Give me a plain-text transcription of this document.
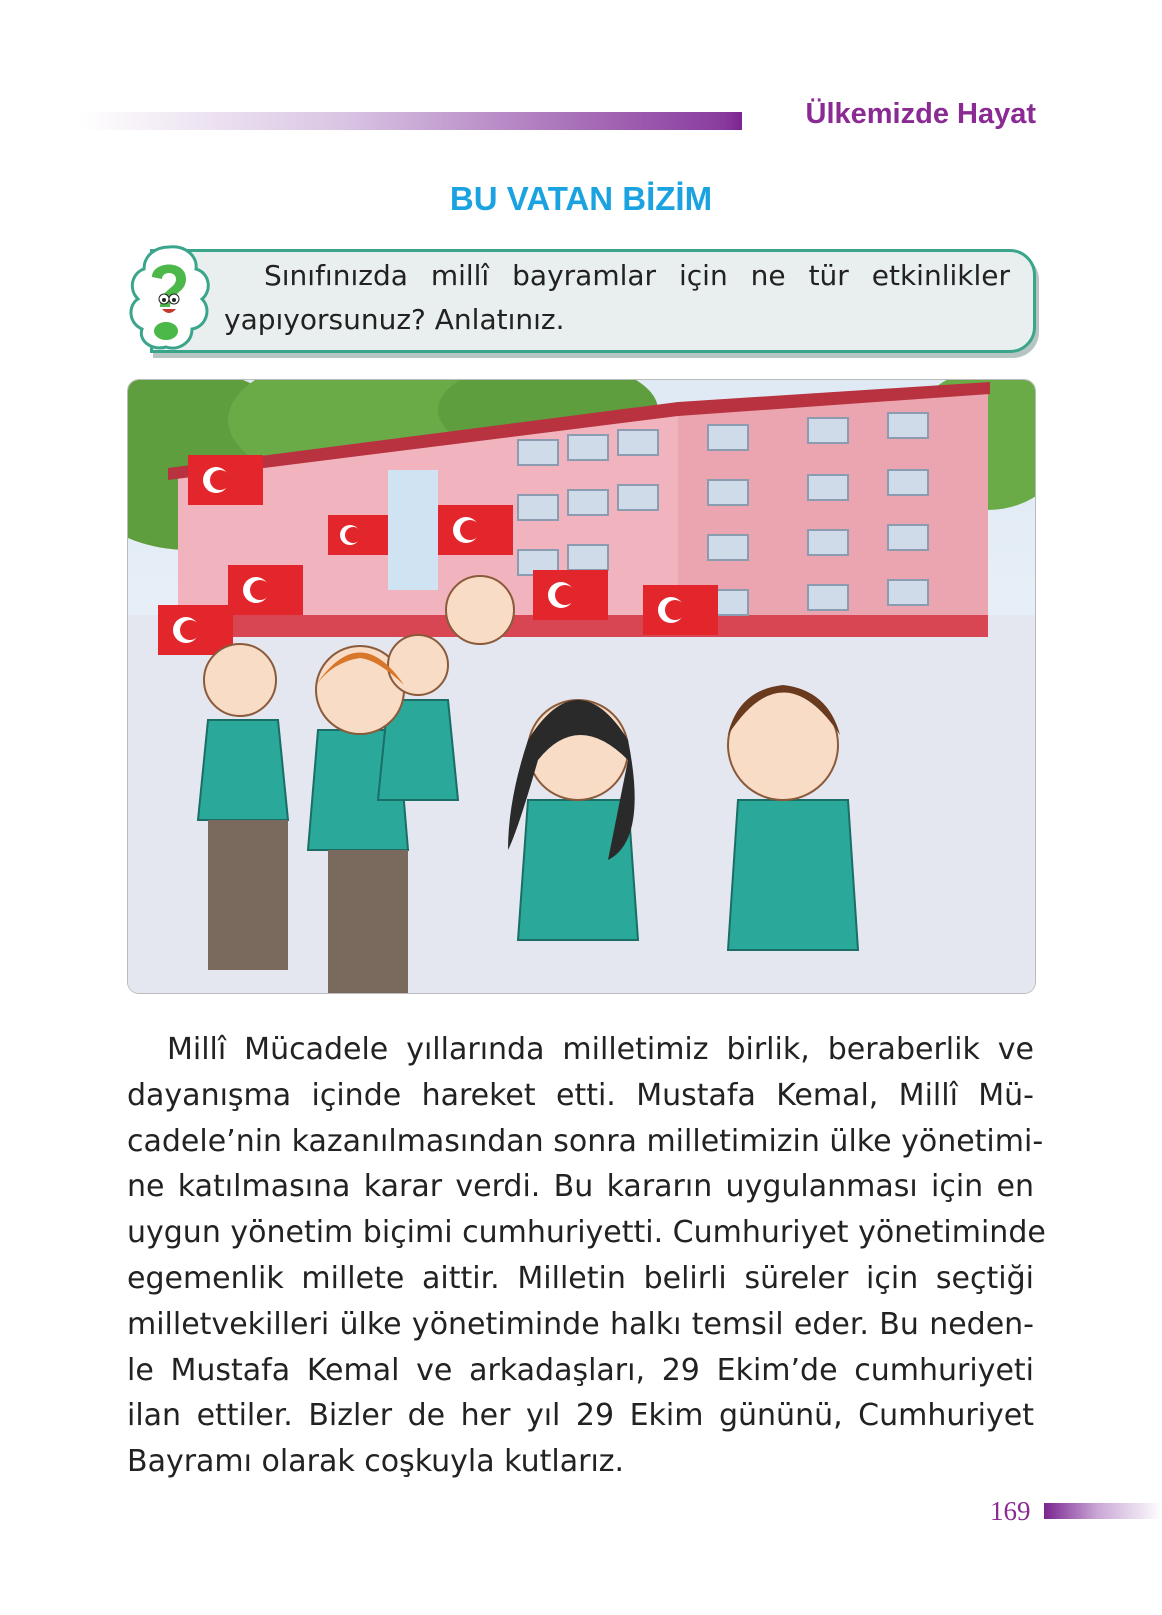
Ülkemizde Hayat
BU VATAN BİZİM
Sınıfınızda millî bayramlar için ne tür etkinlikler
yapıyorsunuz? Anlatınız.
Millî Mücadele yıllarında milletimiz birlik, beraberlik ve
dayanışma içinde hareket etti. Mustafa Kemal, Millî Mü-
cadele’nin kazanılmasından sonra milletimizin ülke yönetimi-
ne katılmasına karar verdi. Bu kararın uygulanması için en
uygun yönetim biçimi cumhuriyetti. Cumhuriyet yönetiminde
egemenlik millete aittir. Milletin belirli süreler için seçtiği
milletvekilleri ülke yönetiminde halkı temsil eder. Bu neden-
le Mustafa Kemal ve arkadaşları, 29 Ekim’de cumhuriyeti
ilan ettiler. Bizler de her yıl 29 Ekim gününü, Cumhuriyet
Bayramı olarak coşkuyla kutlarız.
169
